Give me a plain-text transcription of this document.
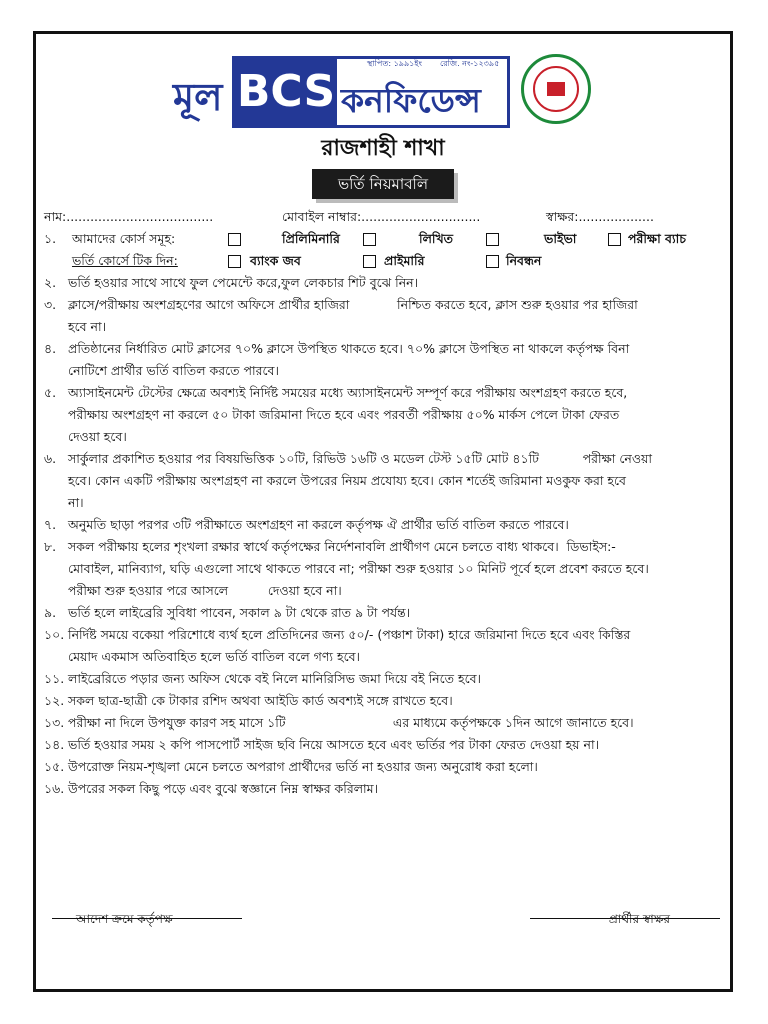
মূল BCS
স্থাপিত: ১৯৯১ইং রেজি. নং-১২৩৯৫
কনফিডেন্স
রাজশাহী শাখা
ভর্তি নিয়মাবলি
নাম:.....................................	মোবাইল নাম্বার:..............................	স্বাক্ষর:...................
১. আমাদের কোর্স সমূহ:	প্রিলিমিনারি	লিখিত	ভাইভা	পরীক্ষা ব্যাচ
ভর্তি কোর্সে টিক দিন:	ব্যাংক জব	প্রাইমারি	নিবন্ধন
২. ভর্তি হওয়ার সাথে সাথে ফুল পেমেন্টে করে,ফুল লেকচার শিট বুঝে নিন।
৩. ক্লাসে/পরীক্ষায় অংশগ্রহণের আগে অফিসে প্রার্থীর হাজিরা            নিশ্চিত করতে হবে, ক্লাস শুরু হওয়ার পর হাজিরা
হবে না।
৪. প্রতিষ্ঠানের নির্ধারিত মোট ক্লাসের ৭০% ক্লাসে উপস্থিত থাকতে হবে। ৭০% ক্লাসে উপস্থিত না থাকলে কর্তৃপক্ষ বিনা
নোটিশে প্রার্থীর ভর্তি বাতিল করতে পারবে।
৫. অ্যাসাইনমেন্ট টেস্টের ক্ষেত্রে অবশ্যই নির্দিষ্ট সময়ের মধ্যে অ্যাসাইনমেন্ট সম্পূর্ণ করে পরীক্ষায় অংশগ্রহণ করতে হবে,
পরীক্ষায় অংশগ্রহণ না করলে ৫০ টাকা জরিমানা দিতে হবে এবং পরবর্তী পরীক্ষায় ৫০% মার্কস পেলে টাকা ফেরত
দেওয়া হবে।
৬. সার্কুলার প্রকাশিত হওয়ার পর বিষয়ভিত্তিক ১০টি, রিভিউ ১৬টি ও মডেল টেস্ট ১৫টি মোট ৪১টি           পরীক্ষা নেওয়া
হবে। কোন একটি পরীক্ষায় অংশগ্রহণ না করলে উপরের নিয়ম প্রযোয্য হবে। কোন শর্তেই জরিমানা মওকুফ করা হবে
না।
৭. অনুমতি ছাড়া পরপর ৩টি পরীক্ষাতে অংশগ্রহণ না করলে কর্তৃপক্ষ ঐ প্রার্থীর ভর্তি বাতিল করতে পারবে।
৮. সকল পরীক্ষায় হলের শৃংখলা রক্ষার স্বার্থে কর্তৃপক্ষের নির্দেশনাবলি প্রার্থীগণ মেনে চলতে বাধ্য থাকবে।  ডিভাইস:-
মোবাইল, মানিব্যাগ, ঘড়ি এগুলো সাথে থাকতে পারবে না; পরীক্ষা শুরু হওয়ার ১০ মিনিট পূর্বে হলে প্রবেশ করতে হবে।
পরীক্ষা শুরু হওয়ার পরে আসলে          দেওয়া হবে না।
৯. ভর্তি হলে লাইব্রেরি সুবিধা পাবেন, সকাল ৯ টা থেকে রাত ৯ টা পর্যন্ত।
১০. নির্দিষ্ট সময়ে বকেয়া পরিশোধে ব্যর্থ হলে প্রতিদিনের জন্য ৫০/- (পঞ্চাশ টাকা) হারে জরিমানা দিতে হবে এবং কিস্তির
মেয়াদ একমাস অতিবাহিত হলে ভর্তি বাতিল বলে গণ্য হবে।
১১. লাইব্রেরিতে পড়ার জন্য অফিস থেকে বই নিলে মানিরিসিভ জমা দিয়ে বই নিতে হবে।
১২. সকল ছাত্র-ছাত্রী কে টাকার রশিদ অথবা আইডি কার্ড অবশ্যই সঙ্গে রাখতে হবে।
১৩. পরীক্ষা না দিলে উপযুক্ত কারণ সহ মাসে ১টি                           এর মাধ্যমে কর্তৃপক্ষকে ১দিন আগে জানাতে হবে।
১৪. ভর্তি হওয়ার সময় ২ কপি পাসপোর্ট সাইজ ছবি নিয়ে আসতে হবে এবং ভর্তির পর টাকা ফেরত দেওয়া হয় না।
১৫. উপরোক্ত নিয়ম-শৃঙ্খলা মেনে চলতে অপরাগ প্রার্থীদের ভর্তি না হওয়ার জন্য অনুরোধ করা হলো।
১৬. উপরের সকল কিছু পড়ে এবং বুঝে স্বজ্ঞানে নিম্ন স্বাক্ষর করিলাম।
আদেশ ক্রমে কর্তৃপক্ষ	প্রার্থীর স্বাক্ষর
